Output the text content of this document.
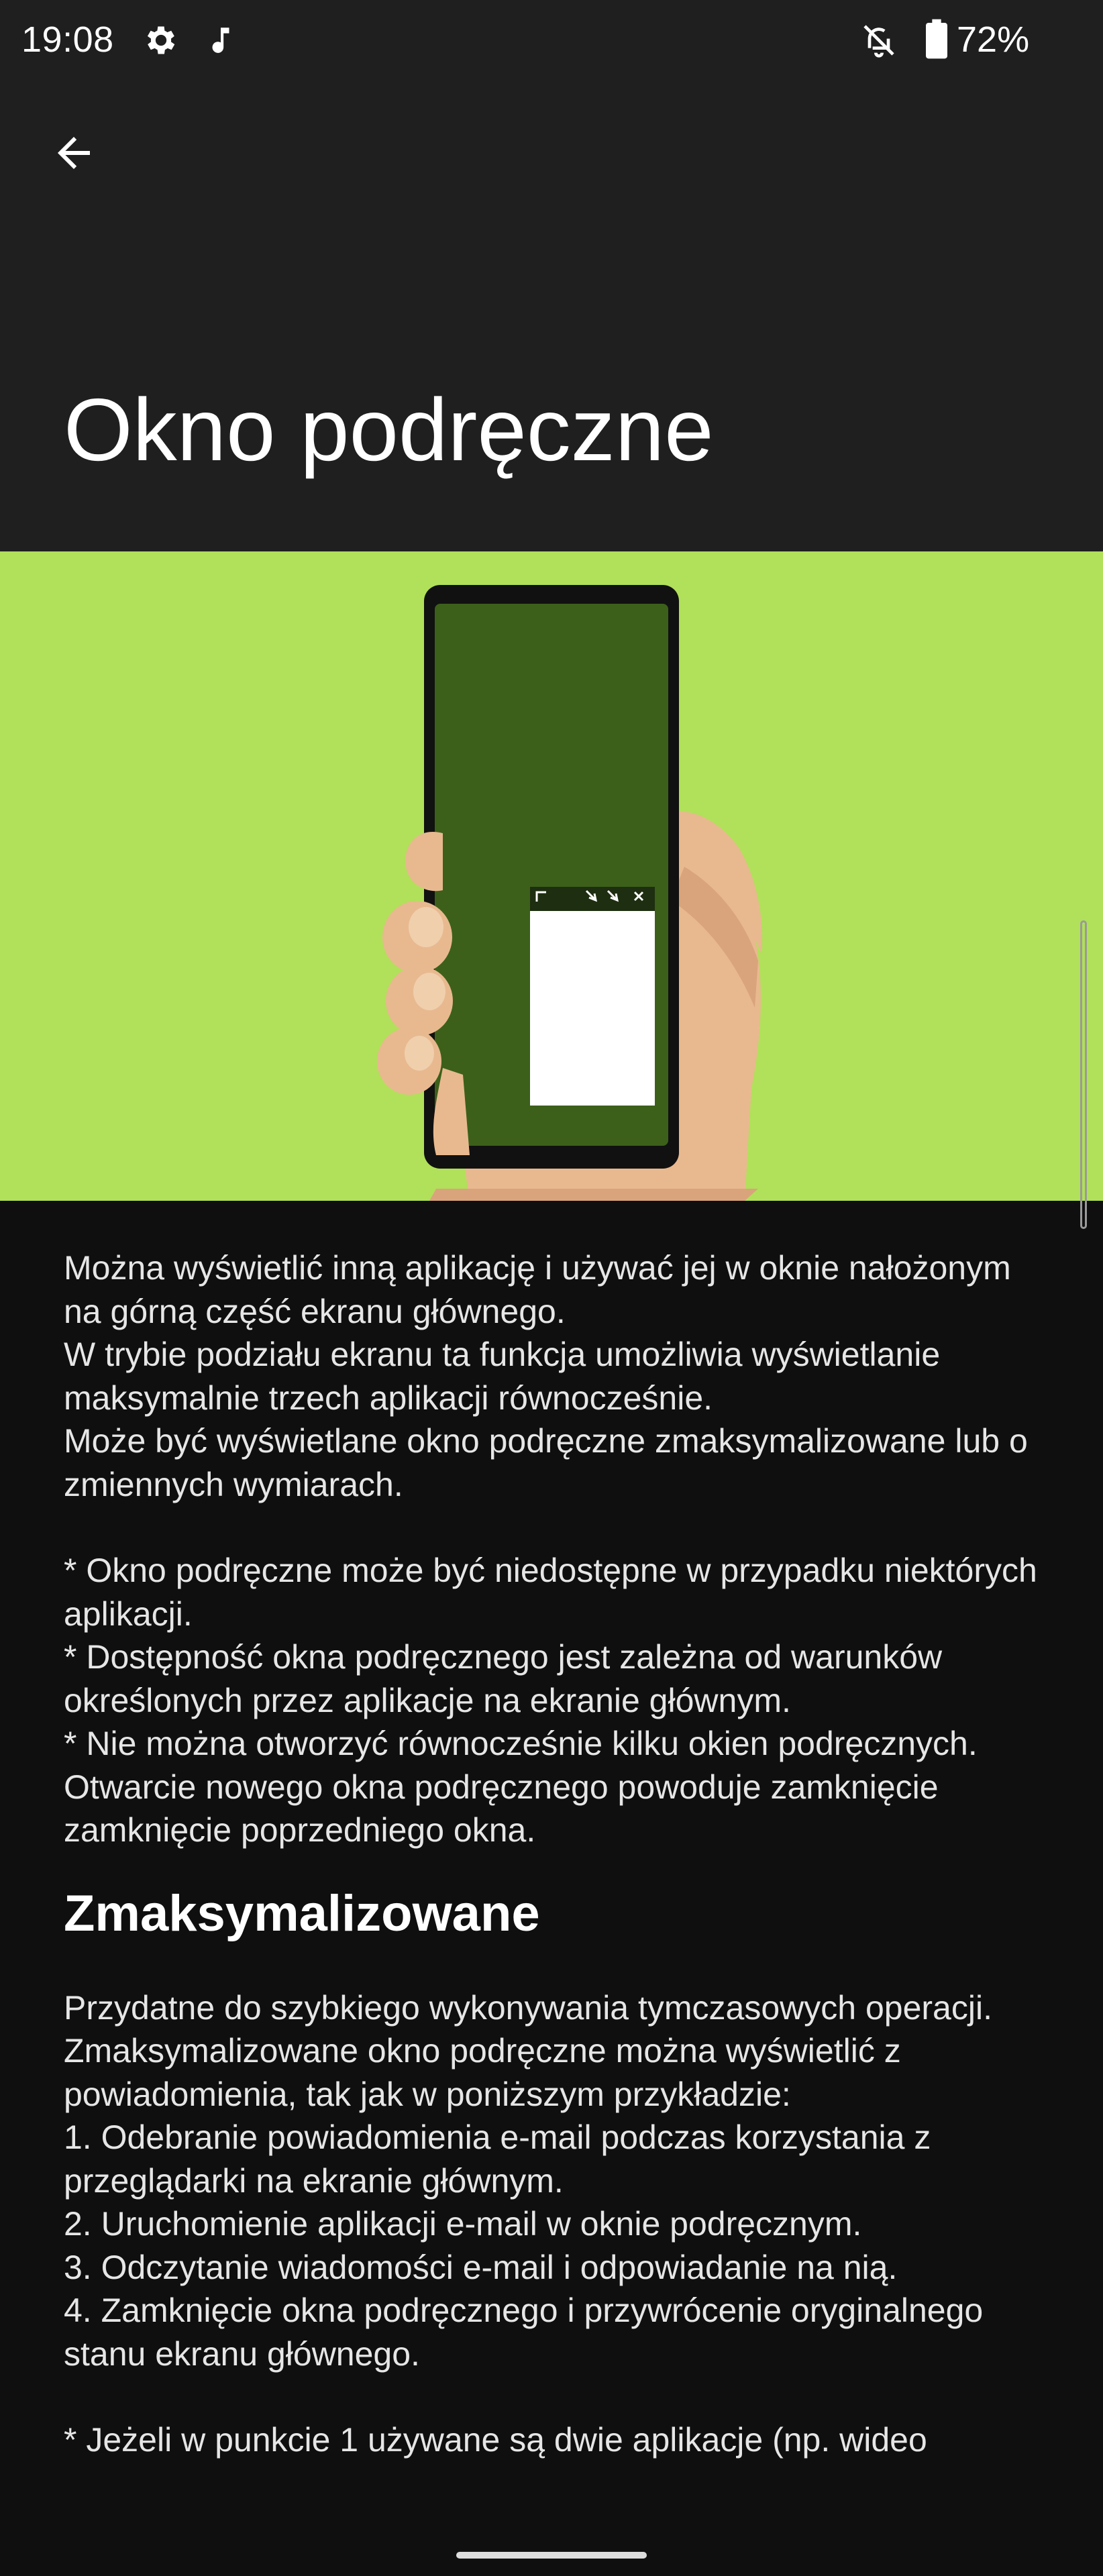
19:08	72%
Okno podręczne

Można wyświetlić inną aplikację i używać jej w oknie nałożonym na górną część ekranu głównego.

W trybie podziału ekranu ta funkcja umożliwia wyświetlanie maksymalnie trzech aplikacji równocześnie.

Może być wyświetlane okno podręczne zmaksymalizowane lub o zmiennych wymiarach.

* Okno podręczne może być niedostępne w przypadku niektórych aplikacji.

* Dostępność okna podręcznego jest zależna od warunków określonych przez aplikacje na ekranie głównym.

* Nie można otworzyć równocześnie kilku okien podręcznych. Otwarcie nowego okna podręcznego powoduje zamknięcie zamknięcie poprzedniego okna.

Zmaksymalizowane

Przydatne do szybkiego wykonywania tymczasowych operacji.

Zmaksymalizowane okno podręczne można wyświetlić z powiadomienia, tak jak w poniższym przykładzie:

1. Odebranie powiadomienia e-mail podczas korzystania z przeglądarki na ekranie głównym.

2. Uruchomienie aplikacji e-mail w oknie podręcznym.

3. Odczytanie wiadomości e-mail i odpowiadanie na nią.

4. Zamknięcie okna podręcznego i przywrócenie oryginalnego stanu ekranu głównego.

* Jeżeli w punkcie 1 używane są dwie aplikacje (np. wideo
